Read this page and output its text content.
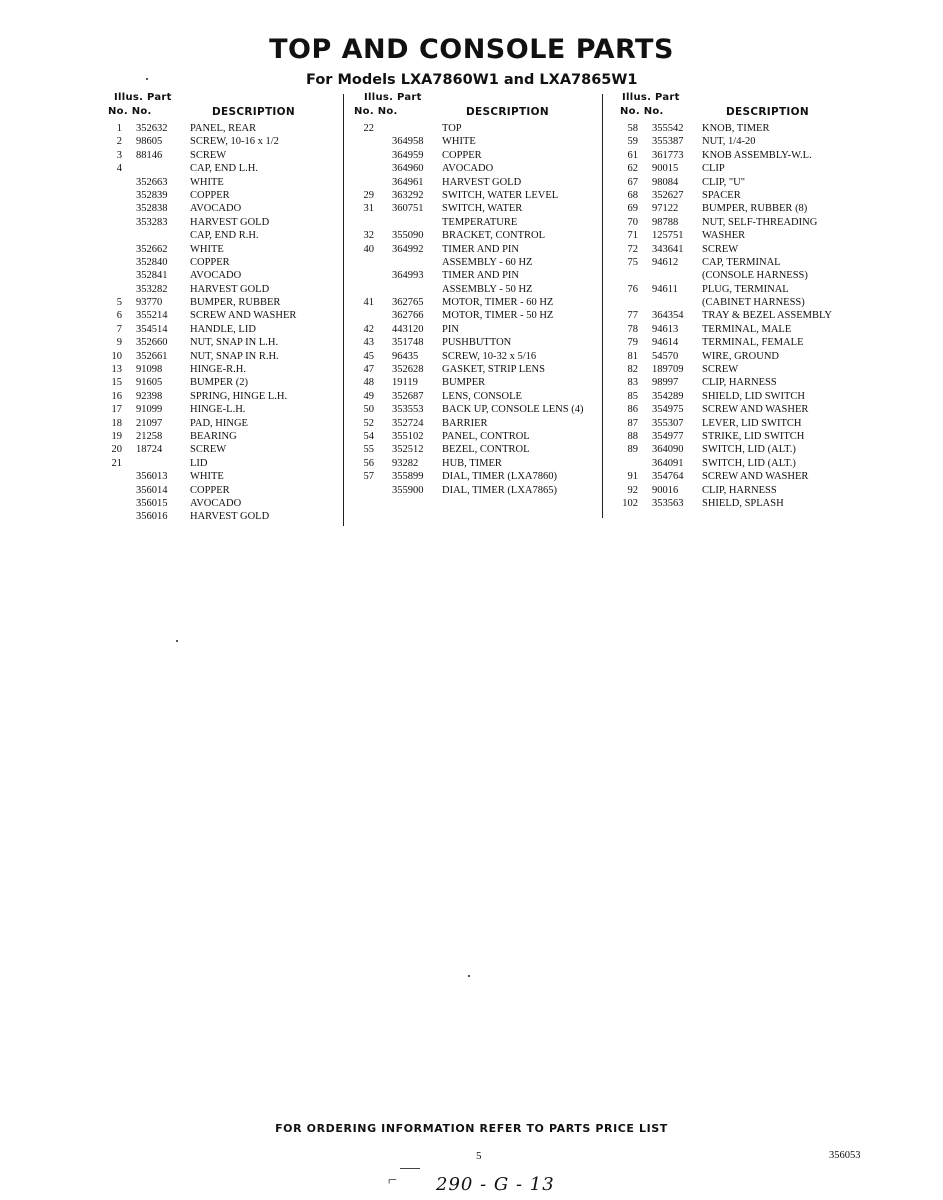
TOP AND CONSOLE PARTS
For Models LXA7860W1 and LXA7865W1
Illus. Part
No. No.	DESCRIPTION
1 352632 PANEL, REAR
2 98605	SCREW, 10-16 x 1/2
3 88146	SCREW
4	CAP, END L.H.
352663 WHITE
352839 COPPER
352838 AVOCADO
353283 HARVEST GOLD
CAP, END R.H.
352662 WHITE
352840 COPPER
352841 AVOCADO
353282 HARVEST GOLD
5 93770	BUMPER, RUBBER
6 355214 SCREW AND WASHER
7 354514 HANDLE, LID
9 352660 NUT, SNAP IN L.H.
10 352661 NUT, SNAP IN R.H.
13 91098	HINGE-R.H.
15 91605	BUMPER (2)
16 92398	SPRING, HINGE L.H.
17 91099	HINGE-L.H.
18 21097	PAD, HINGE
19 21258	BEARING
20 18724	SCREW
21	LID
356013 WHITE
356014 COPPER
356015 AVOCADO
356016 HARVEST GOLD
Illus. Part
No. No.	DESCRIPTION
22	TOP
364958 WHITE
364959 COPPER
364960 AVOCADO
364961 HARVEST GOLD
29 363292 SWITCH, WATER LEVEL
31 360751 SWITCH, WATER
TEMPERATURE
32 355090 BRACKET, CONTROL
40 364992 TIMER AND PIN
ASSEMBLY - 60 HZ
364993 TIMER AND PIN
ASSEMBLY - 50 HZ
41 362765 MOTOR, TIMER - 60 HZ
362766 MOTOR, TIMER - 50 HZ
42 443120 PIN
43 351748 PUSHBUTTON
45 96435 SCREW, 10-32 x 5/16
47 352628 GASKET, STRIP LENS
48 19119 BUMPER
49 352687 LENS, CONSOLE
50 353553 BACK UP, CONSOLE LENS (4)
52 352724 BARRIER
54 355102 PANEL, CONTROL
55 352512 BEZEL, CONTROL
56 93282 HUB, TIMER
57 355899 DIAL, TIMER (LXA7860)
355900 DIAL, TIMER (LXA7865)
Illus. Part
No. No.	DESCRIPTION
58 355542 KNOB, TIMER
59 355387 NUT, 1/4-20
61 361773 KNOB ASSEMBLY-W.L.
62 90015 CLIP
67 98084 CLIP, "U"
68 352627 SPACER
69 97122 BUMPER, RUBBER (8)
70 98788 NUT, SELF-THREADING
71 125751 WASHER
72 343641 SCREW
75 94612 CAP, TERMINAL
(CONSOLE HARNESS)
76 94611 PLUG, TERMINAL
(CABINET HARNESS)
77 364354 TRAY & BEZEL ASSEMBLY
78 94613 TERMINAL, MALE
79 94614 TERMINAL, FEMALE
81 54570 WIRE, GROUND
82 189709 SCREW
83 98997 CLIP, HARNESS
85 354289 SHIELD, LID SWITCH
86 354975 SCREW AND WASHER
87 355307 LEVER, LID SWITCH
88 354977 STRIKE, LID SWITCH
89 364090 SWITCH, LID (ALT.)
364091 SWITCH, LID (ALT.)
91 354764 SCREW AND WASHER
92 90016 CLIP, HARNESS
102 353563 SHIELD, SPLASH
FOR ORDERING INFORMATION REFER TO PARTS PRICE LIST
5	356053
⌐ 290 - G - 13
